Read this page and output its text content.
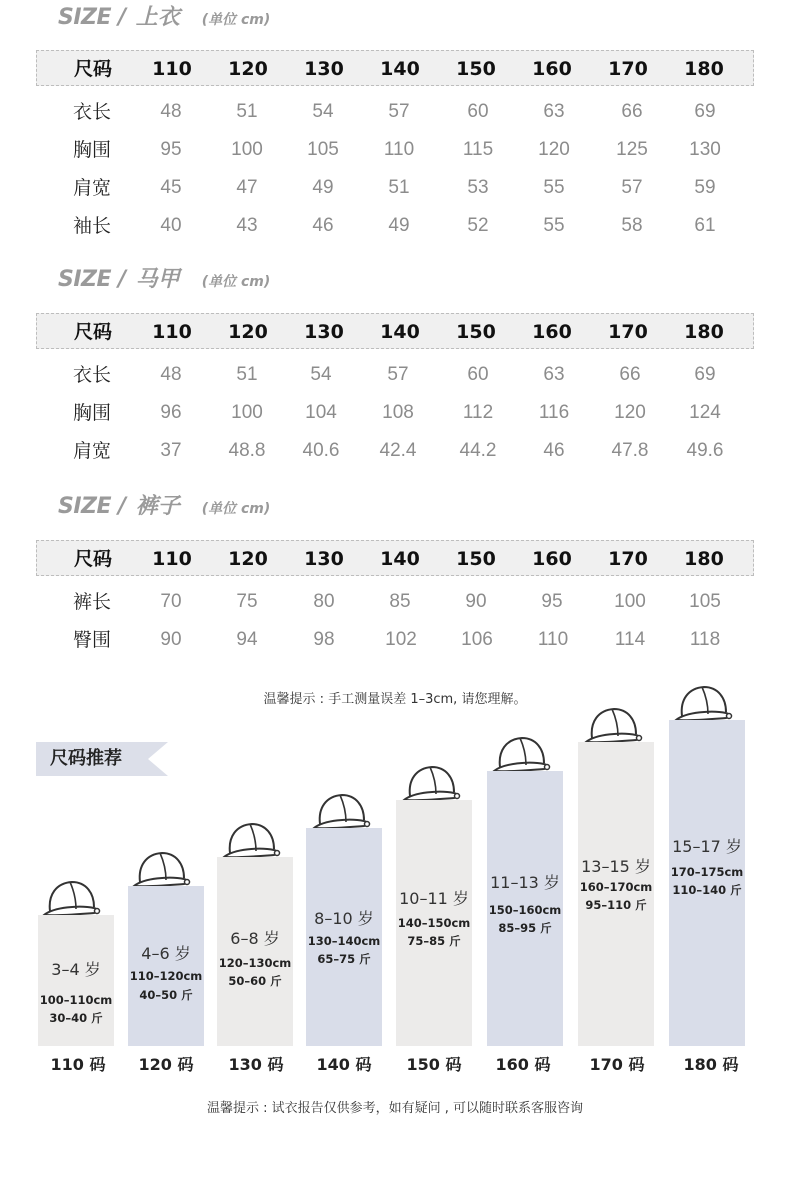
SIZE / 上衣 (单位 cm)
尺码 110 120 130 140 150 160 170 180
衣长	48	51	54	57	60	63	66	69
胸围	95	100 105 110	115 120 125 130
肩宽	45	47	49	51	53	55	57	59
袖长	40	43	46	49	52	55	58	61
SIZE / 马甲 (单位 cm)
尺码 110 120 130 140 150 160 170 180
衣长	48	51	54	57	60	63	66	69
胸围	96	100 104 108	112 116 120 124
肩宽	37 48.8 40.6 42.4 44.2 46 47.8 49.6
SIZE / 裤子 (单位 cm)
尺码 110 120 130 140 150 160 170 180
裤长	70	75	80	85	90	95	100 105
臀围	90	94	98	102 106 110 114 118
温馨提示 : 手工测量误差 1–3cm, 请您理解。
尺码推荐
3–4 岁
100–110cm
30–40 斤
110 码
4–6 岁
110–120cm
40–50 斤
120 码
6–8 岁
120–130cm
50–60 斤
130 码
8–10 岁
130–140cm
65–75 斤
140 码
10–11 岁
140–150cm
75–85 斤
150 码
11–13 岁
150–160cm
85–95 斤
160 码
13–15 岁
160–170cm
95–110 斤
170 码
15–17 岁
170–175cm
110–140 斤
180 码
温馨提示 : 试衣报告仅供参考，如有疑问 , 可以随时联系客服咨询
